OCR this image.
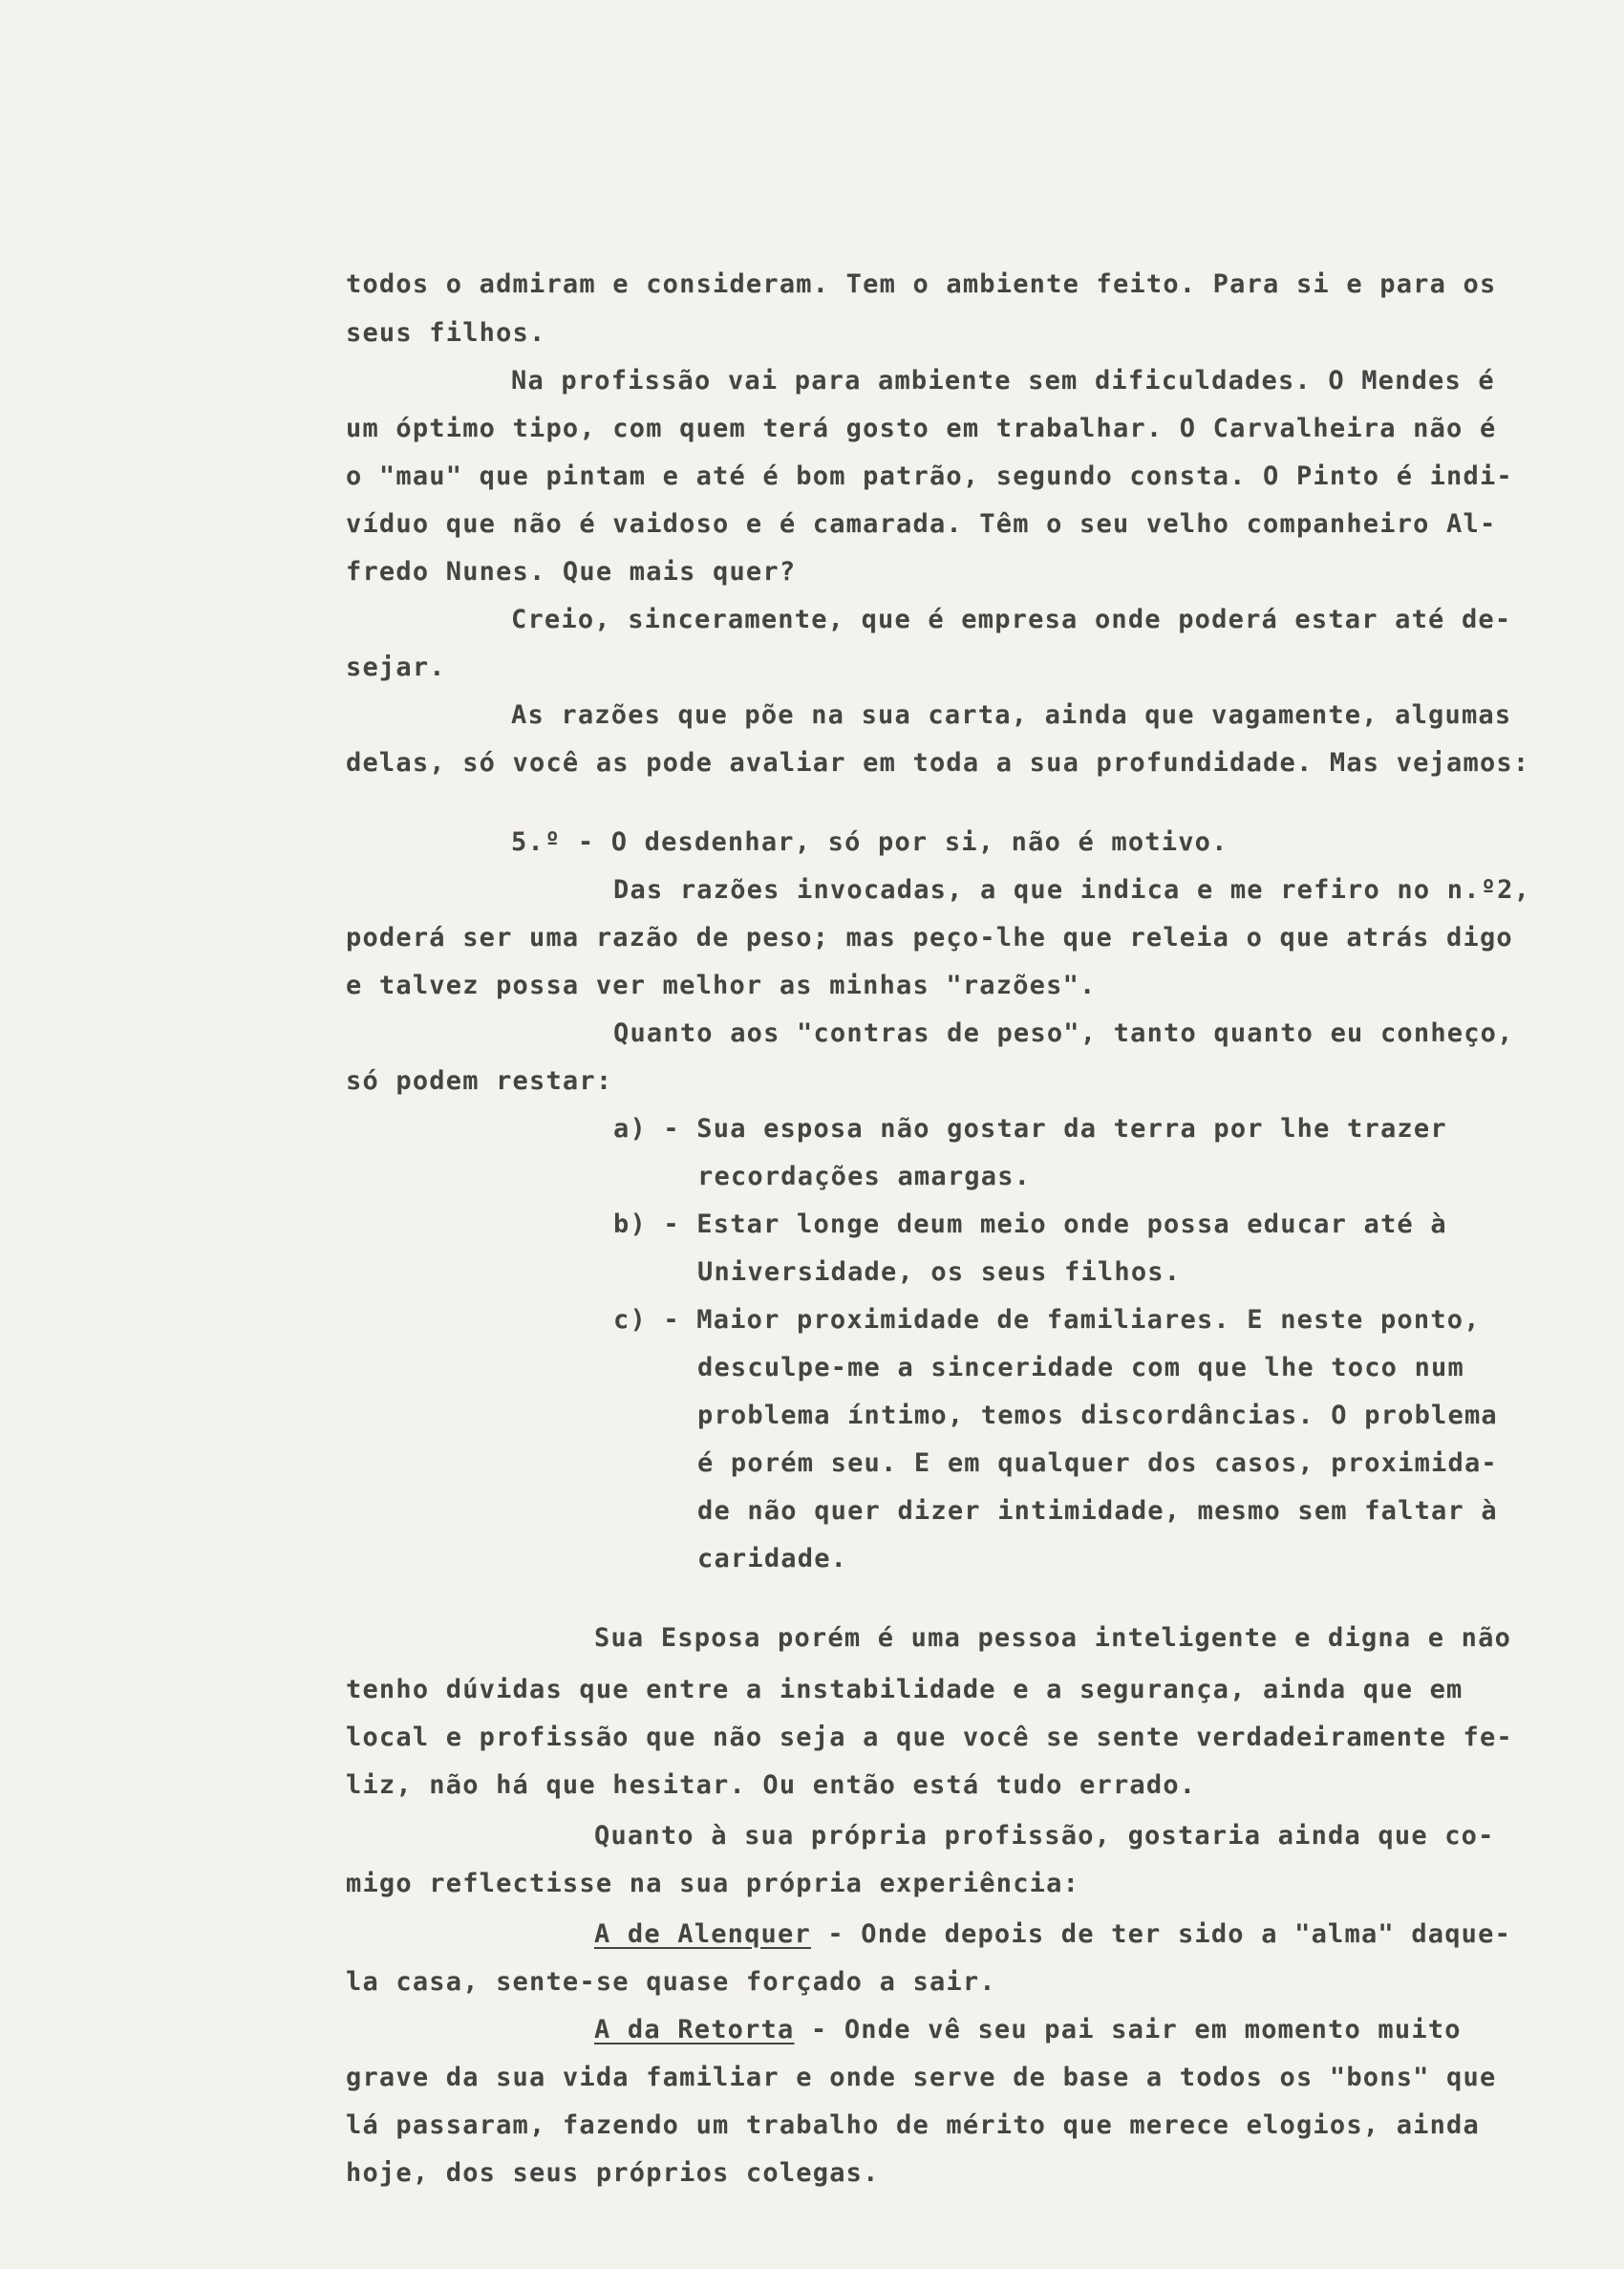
todos o admiram e consideram. Tem o ambiente feito. Para si e para os
seus filhos.
Na profissão vai para ambiente sem dificuldades. O Mendes é
um óptimo tipo, com quem terá gosto em trabalhar. O Carvalheira não é
o "mau" que pintam e até é bom patrão, segundo consta. O Pinto é indi-
víduo que não é vaidoso e é camarada. Têm o seu velho companheiro Al-
fredo Nunes. Que mais quer?
Creio, sinceramente, que é empresa onde poderá estar até de-
sejar.
As razões que põe na sua carta, ainda que vagamente, algumas
delas, só você as pode avaliar em toda a sua profundidade. Mas vejamos:
5.º - O desdenhar, só por si, não é motivo.
Das razões invocadas, a que indica e me refiro no n.º2,
poderá ser uma razão de peso; mas peço-lhe que releia o que atrás digo
e talvez possa ver melhor as minhas "razões".
Quanto aos "contras de peso", tanto quanto eu conheço,
só podem restar:
a) - Sua esposa não gostar da terra por lhe trazer
recordações amargas.
b) - Estar longe deum meio onde possa educar até à
Universidade, os seus filhos.
c) - Maior proximidade de familiares. E neste ponto,
desculpe-me a sinceridade com que lhe toco num
problema íntimo, temos discordâncias. O problema
é porém seu. E em qualquer dos casos, proximida-
de não quer dizer intimidade, mesmo sem faltar à
caridade.
Sua Esposa porém é uma pessoa inteligente e digna e não
tenho dúvidas que entre a instabilidade e a segurança, ainda que em
local e profissão que não seja a que você se sente verdadeiramente fe-
liz, não há que hesitar. Ou então está tudo errado.
Quanto à sua própria profissão, gostaria ainda que co-
migo reflectisse na sua própria experiência:
A de Alenquer - Onde depois de ter sido a "alma" daque-
la casa, sente-se quase forçado a sair.
A da Retorta - Onde vê seu pai sair em momento muito
grave da sua vida familiar e onde serve de base a todos os "bons" que
lá passaram, fazendo um trabalho de mérito que merece elogios, ainda
hoje, dos seus próprios colegas.
